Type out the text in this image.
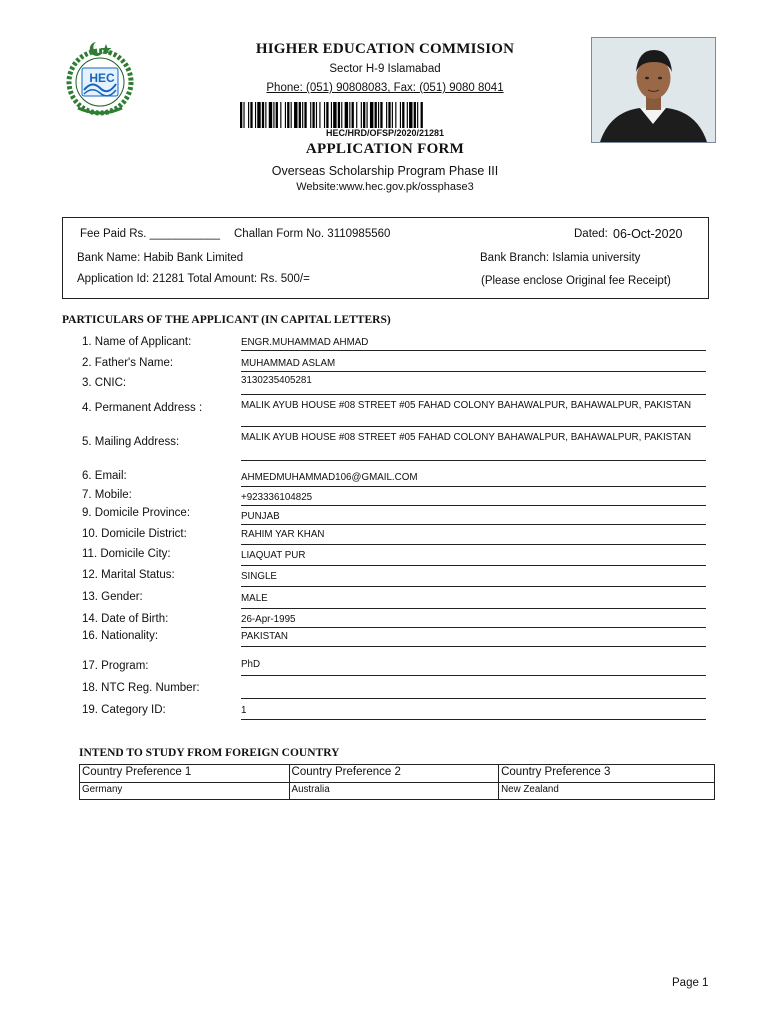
HEC
HIGHER EDUCATION COMMISION
Sector H-9 Islamabad
Phone: (051) 90808083, Fax: (051) 9080 8041
HEC/HRD/OFSP/2020/21281
APPLICATION FORM
Overseas Scholarship Program Phase III
Website:www.hec.gov.pk/ossphase3
Fee Paid Rs. ___________ Challan Form No. 3110985560	Dated: 06-Oct-2020
Bank Name: Habib Bank Limited	Bank Branch: Islamia university
Application Id: 21281 Total Amount: Rs. 500/=	(Please enclose Original fee Receipt)
PARTICULARS OF THE APPLICANT (IN CAPITAL LETTERS)
1. Name of Applicant:	ENGR.MUHAMMAD AHMAD
2. Father's Name:	MUHAMMAD ASLAM
3. CNIC:	3130235405281
4. Permanent Address :	MALIK AYUB HOUSE #08 STREET #05 FAHAD COLONY BAHAWALPUR, BAHAWALPUR, PAKISTAN
5. Mailing Address:	MALIK AYUB HOUSE #08 STREET #05 FAHAD COLONY BAHAWALPUR, BAHAWALPUR, PAKISTAN
6. Email:	AHMEDMUHAMMAD106@GMAIL.COM
7. Mobile:	+923336104825
9. Domicile Province:	PUNJAB
10. Domicile District:	RAHIM YAR KHAN
11. Domicile City:	LIAQUAT PUR
12. Marital Status:	SINGLE
13. Gender:	MALE
14. Date of Birth:	26-Apr-1995
16. Nationality:	PAKISTAN
17. Program:	PhD
18. NTC Reg. Number:
19. Category ID:	1
INTEND TO STUDY FROM FOREIGN COUNTRY
Country Preference 1	Country Preference 2	Country Preference 3
Germany	Australia	New Zealand
Page 1
